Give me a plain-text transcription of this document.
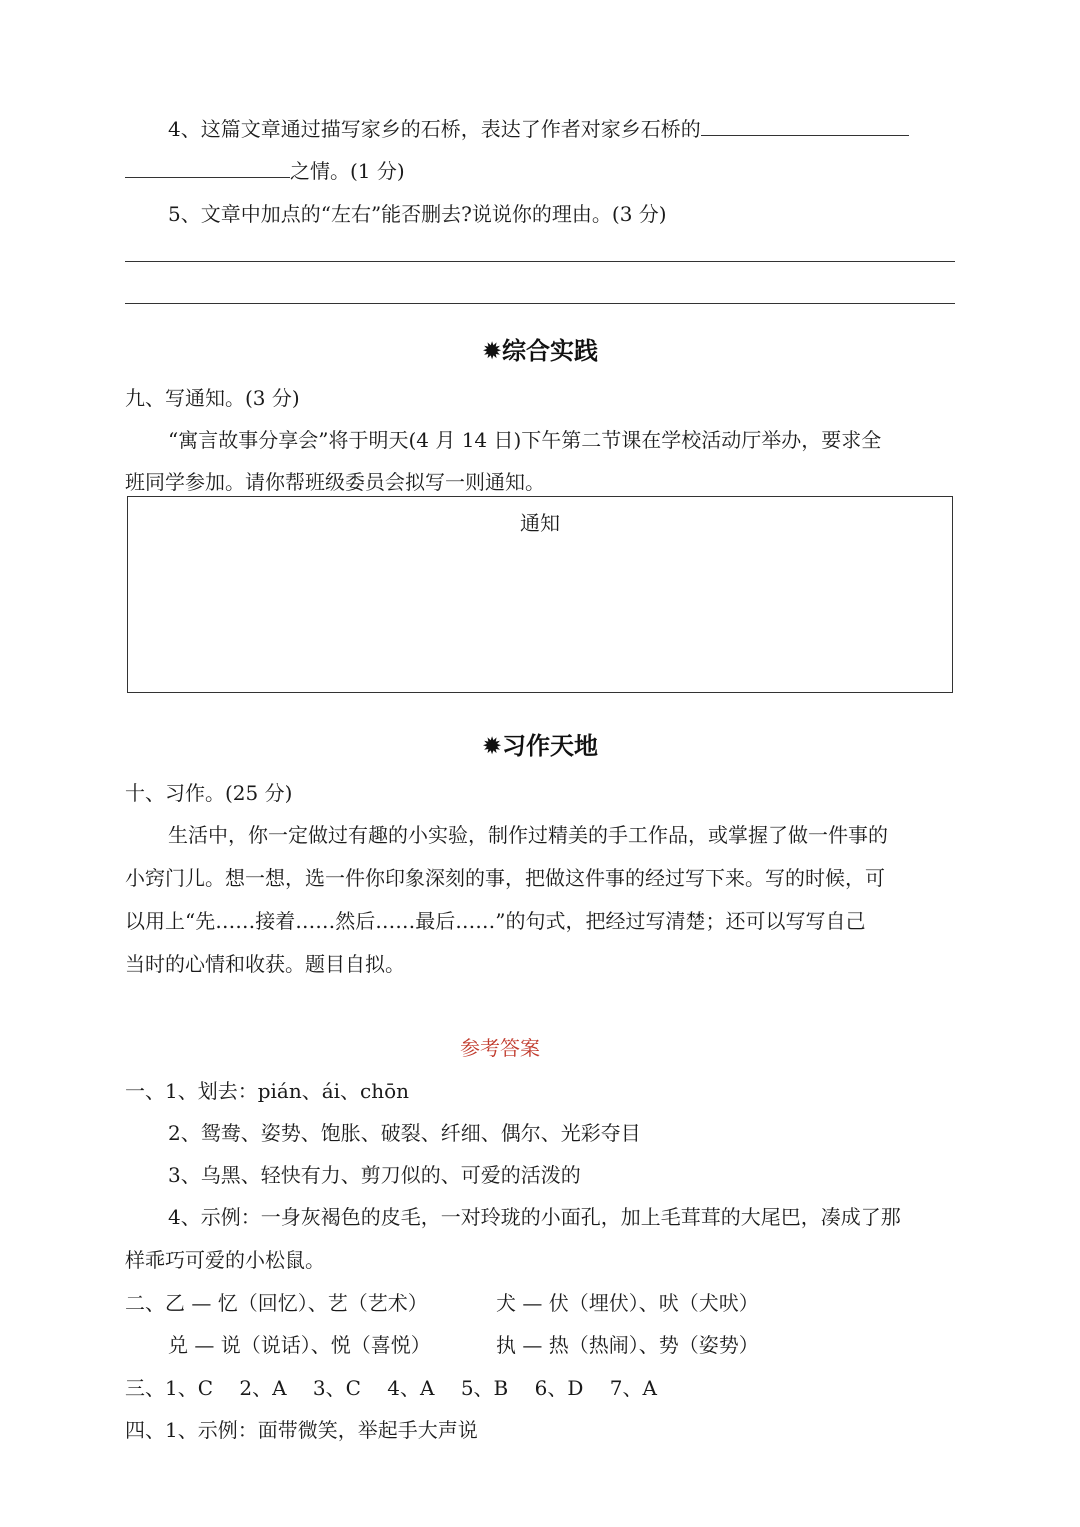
4、这篇文章通过描写家乡的石桥，表达了作者对家乡石桥的
之情。(1 分)
5、文章中加点的“左右”能否删去?说说你的理由。(3 分)
✹综合实践
九、写通知。(3 分)
“寓言故事分享会”将于明天(4 月 14 日)下午第二节课在学校活动厅举办，要求全
班同学参加。请你帮班级委员会拟写一则通知。
通知
✹习作天地
十、习作。(25 分)
生活中，你一定做过有趣的小实验，制作过精美的手工作品，或掌握了做一件事的
小窍门儿。想一想，选一件你印象深刻的事，把做这件事的经过写下来。写的时候，可
以用上“先……接着……然后……最后……”的句式，把经过写清楚；还可以写写自己
当时的心情和收获。题目自拟。
参考答案
一、1、划去：pián、ái、chōn
2、鸳鸯、姿势、饱胀、破裂、纤细、偶尔、光彩夺目
3、乌黑、轻快有力、剪刀似的、可爱的活泼的
4、示例：一身灰褐色的皮毛，一对玲珑的小面孔，加上毛茸茸的大尾巴，凑成了那
样乖巧可爱的小松鼠。
二、乙 — 忆（回忆）、艺（艺术）	犬 — 伏（埋伏）、吠（犬吠）
兑 — 说（说话）、悦（喜悦）	执 — 热（热闹）、势（姿势）
三、1、C　 2、A　 3、C　 4、A　 5、B　 6、D　 7、A
四、1、示例：面带微笑，举起手大声说
